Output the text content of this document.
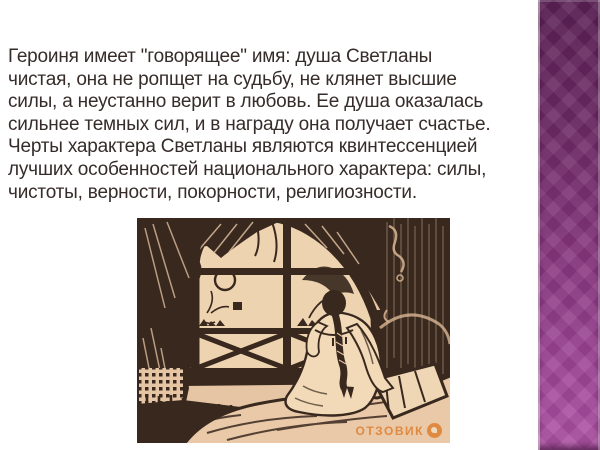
Героиня имеет "говорящее" имя: душа Светланы
чистая, она не ропщет на судьбу, не клянет высшие
силы, а неустанно верит в любовь. Ее душа оказалась
сильнее темных сил, и в награду она получает счастье.
Черты характера Светланы являются квинтессенцией
лучших особенностей национального характера: силы,
чистоты, верности, покорности, религиозности.
ОТЗОВИК
